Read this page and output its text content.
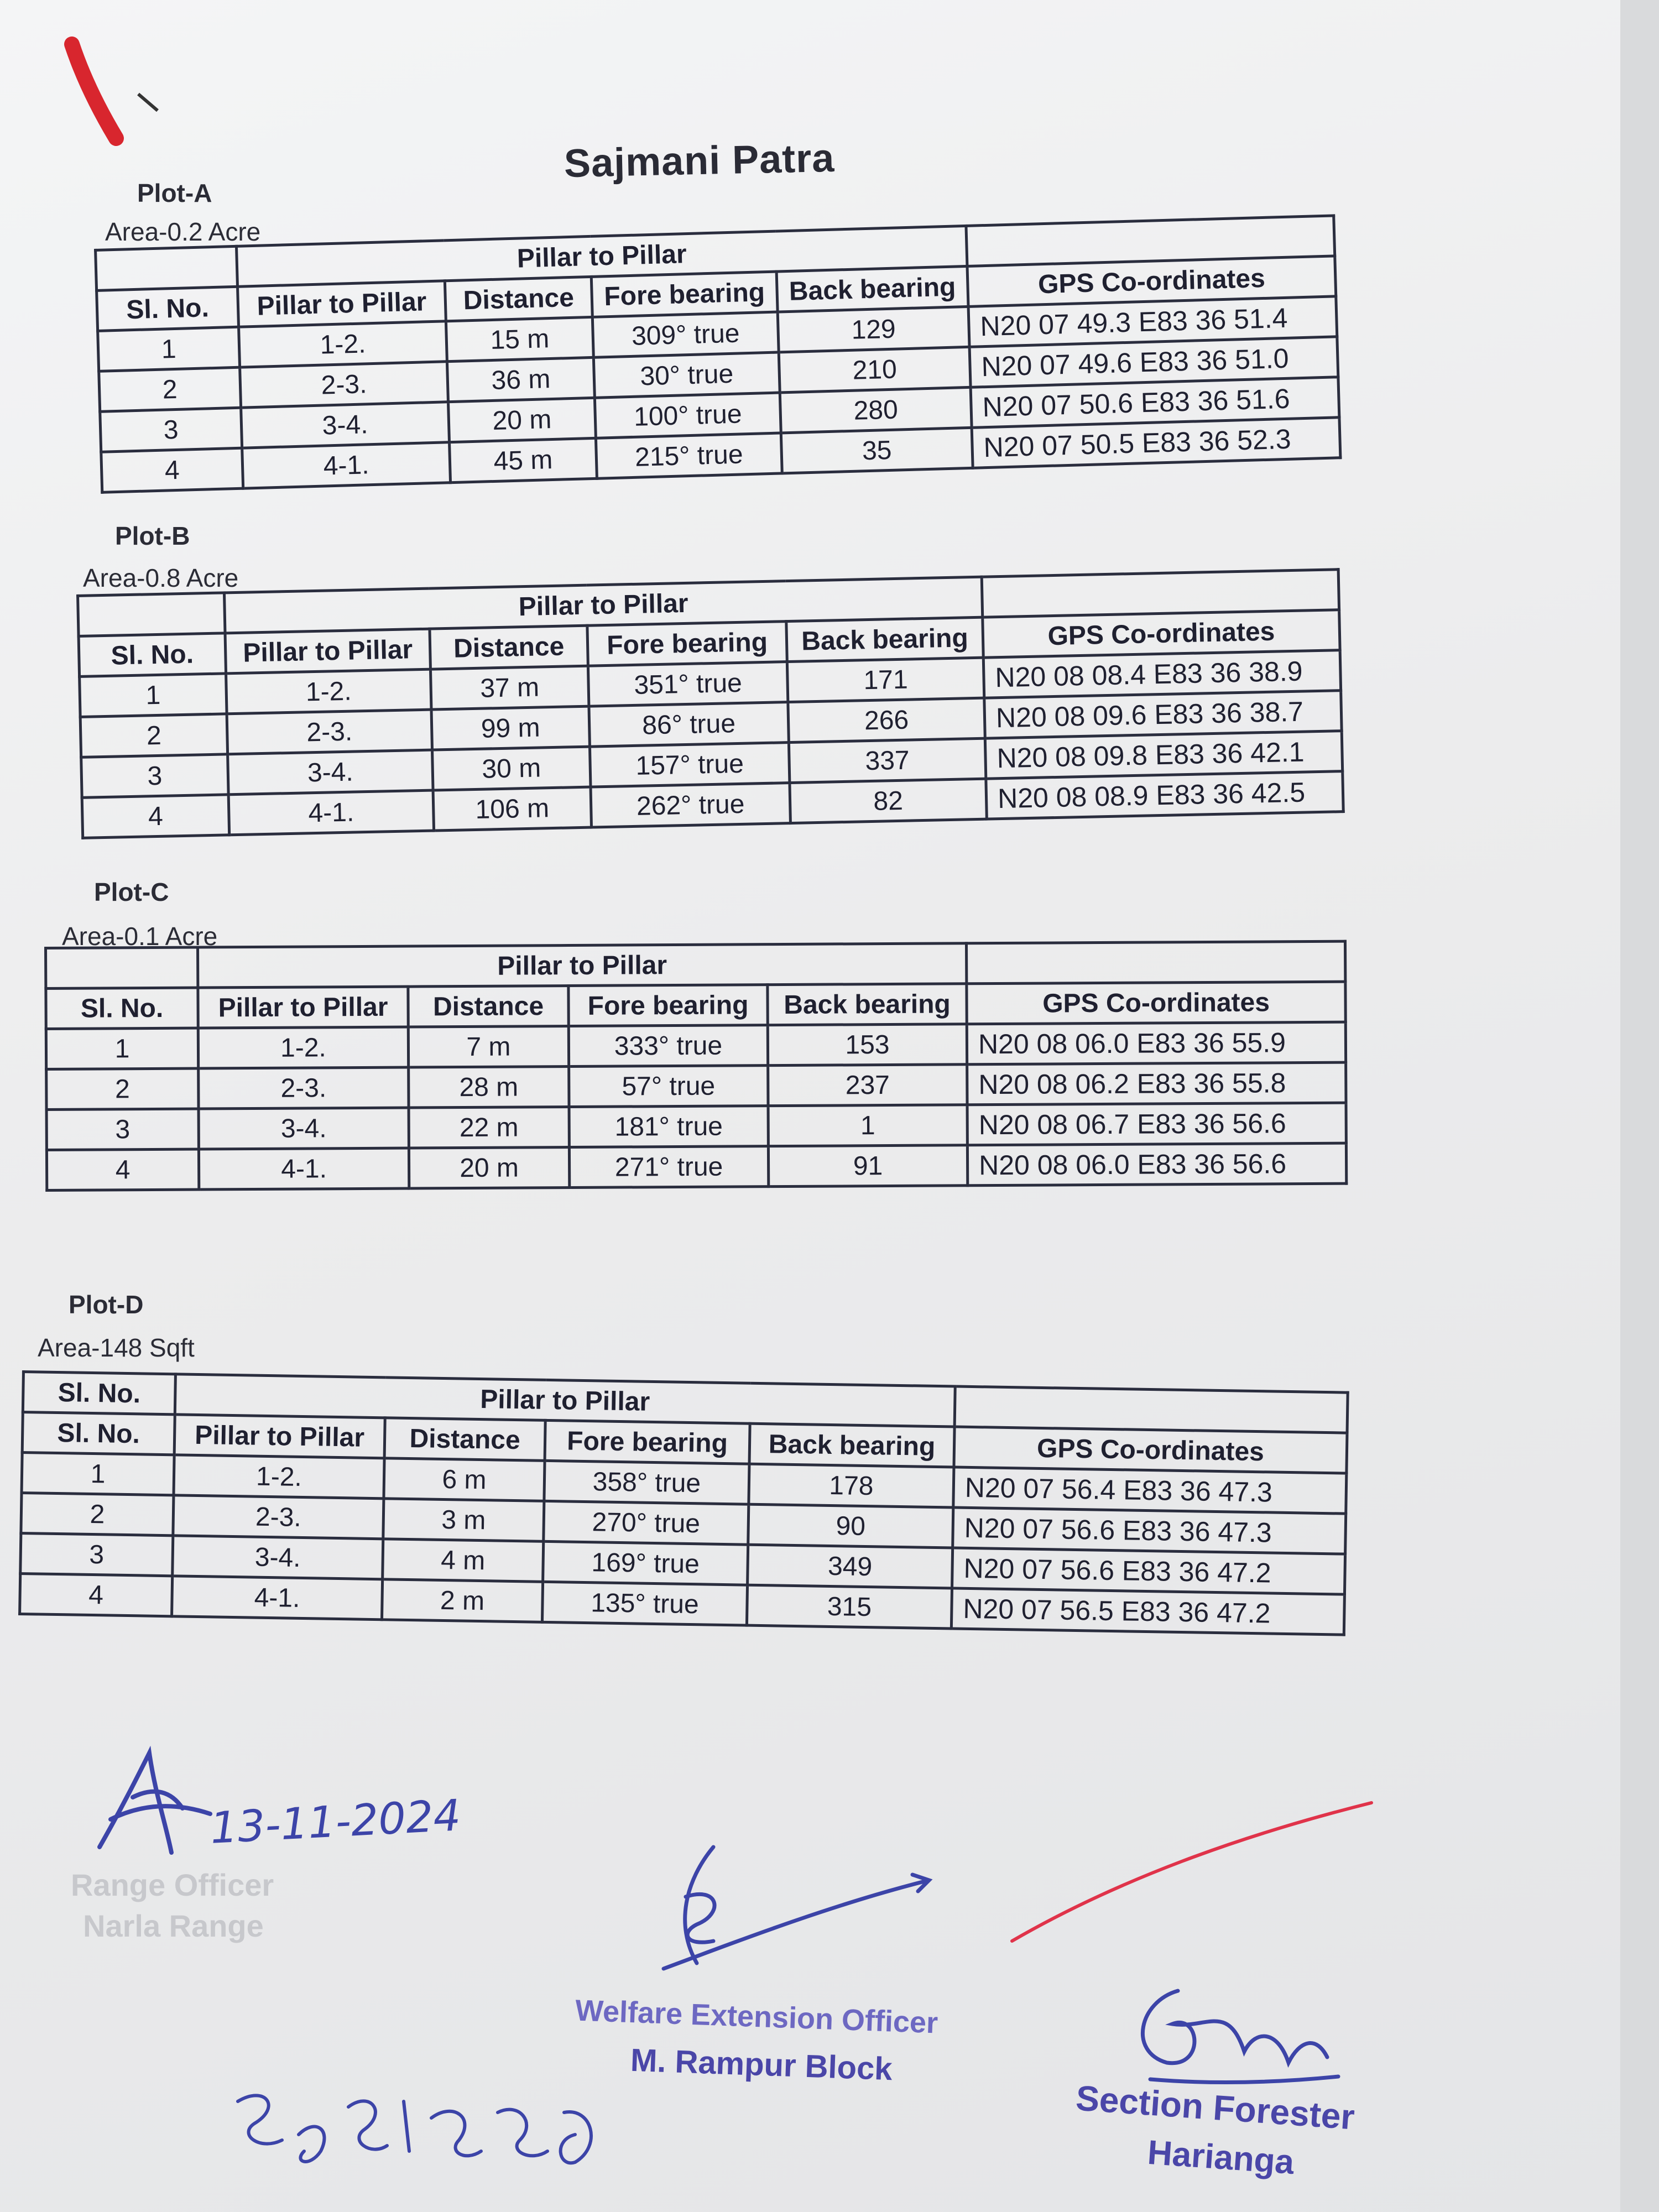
Sajmani Patra
Plot-A
Area-0.2 Acre
	Pillar to Pillar				
Sl. No.	Pillar to Pillar	Distance	Fore bearing	Back bearing	GPS Co-ordinates
1	1-2.	15 m	309° true	129	N20 07 49.3 E83 36 51.4
2	2-3.	36 m	30° true	210	N20 07 49.6 E83 36 51.0
3	3-4.	20 m	100° true	280	N20 07 50.6 E83 36 51.6
4	4-1.	45 m	215° true	35	N20 07 50.5 E83 36 52.3
Plot-B
Area-0.8 Acre
	Pillar to Pillar				
Sl. No.	Pillar to Pillar	Distance	Fore bearing	Back bearing	GPS Co-ordinates
1	1-2.	37 m	351° true	171	N20 08 08.4 E83 36 38.9
2	2-3.	99 m	86° true	266	N20 08 09.6 E83 36 38.7
3	3-4.	30 m	157° true	337	N20 08 09.8 E83 36 42.1
4	4-1.	106 m	262° true	82	N20 08 08.9 E83 36 42.5
Plot-C
Area-0.1 Acre
	Pillar to Pillar				
Sl. No.	Pillar to Pillar	Distance	Fore bearing	Back bearing	GPS Co-ordinates
1	1-2.	7 m	333° true	153	N20 08 06.0 E83 36 55.9
2	2-3.	28 m	57° true	237	N20 08 06.2 E83 36 55.8
3	3-4.	22 m	181° true	1	N20 08 06.7 E83 36 56.6
4	4-1.	20 m	271° true	91	N20 08 06.0 E83 36 56.6
Plot-D
Area-148 Sqft
Sl. No.	Pillar to Pillar				
Sl. No.	Pillar to Pillar	Distance	Fore bearing	Back bearing	GPS Co-ordinates
1	1-2.	6 m	358° true	178	N20 07 56.4 E83 36 47.3
2	2-3.	3 m	270° true	90	N20 07 56.6 E83 36 47.3
3	3-4.	4 m	169° true	349	N20 07 56.6 E83 36 47.2
4	4-1.	2 m	135° true	315	N20 07 56.5 E83 36 47.2
13-11-2024
Range Officer
Narla Range
Welfare Extension Officer
M. Rampur Block
Section Forester
Harianga
